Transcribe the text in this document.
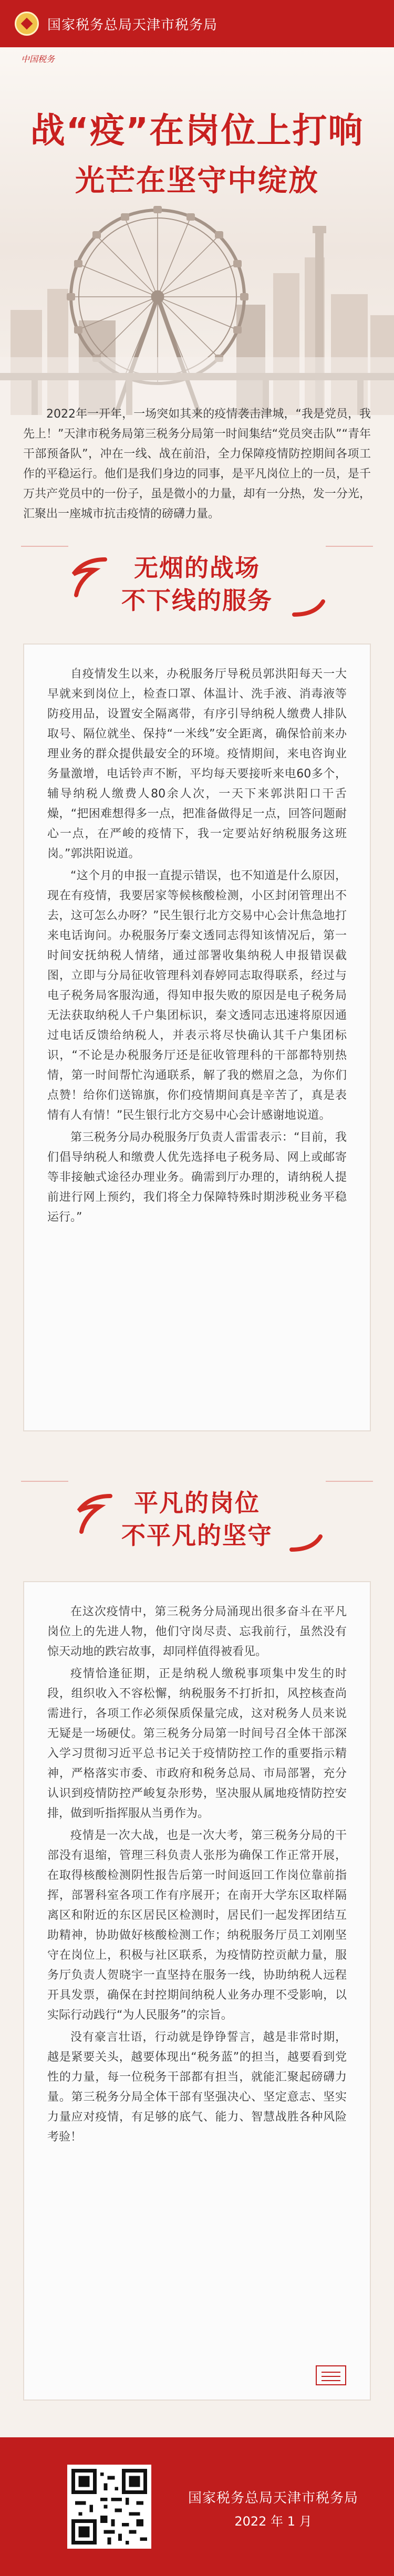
国家税务总局天津市税务局
战“疫”在岗位上打响
光芒在坚守中绽放
中国税务

2022年一开年，一场突如其来的疫情袭击津城，“我是党员，我先上！”天津市税务局第三税务分局第一时间集结“党员突击队”“青年干部预备队”，冲在一线、战在前沿，全力保障疫情防控期间各项工作的平稳运行。他们是我们身边的同事，是平凡岗位上的一员，是千万共产党员中的一份子，虽是微小的力量，却有一分热，发一分光，汇聚出一座城市抗击疫情的磅礴力量。

无烟的战场
不下线的服务

自疫情发生以来，办税服务厅导税员郭洪阳每天一大早就来到岗位上，检查口罩、体温计、洗手液、消毒液等防疫用品，设置安全隔离带，有序引导纳税人缴费人排队取号、隔位就坐、保持“一米线”安全距离，确保恰前来办理业务的群众提供最安全的环境。疫情期间，来电咨询业务量激增，电话铃声不断，平均每天要接听来电60多个，辅导纳税人缴费人80余人次，一天下来郭洪阳口干舌燥，“把困难想得多一点，把准备做得足一点，回答问题耐心一点，在严峻的疫情下，我一定要站好纳税服务这班岗。”郭洪阳说道。

“这个月的申报一直提示错误，也不知道是什么原因，现在有疫情，我要居家等候核酸检测，小区封闭管理出不去，这可怎么办呀？”民生银行北方交易中心会计焦急地打来电话询问。办税服务厅秦文透同志得知该情况后，第一时间安抚纳税人情绪，通过部署收集纳税人申报错误截图，立即与分局征收管理科刘春婷同志取得联系，经过与电子税务局客服沟通，得知申报失败的原因是电子税务局无法获取纳税人千户集团标识，秦文透同志迅速将原因通过电话反馈给纳税人，并表示将尽快确认其千户集团标识，“不论是办税服务厅还是征收管理科的干部都特别热情，第一时间帮忙沟通联系，解了我的燃眉之急，为你们点赞！给你们送锦旗，你们疫情期间真是辛苦了，真是表情有人有情！”民生银行北方交易中心会计感谢地说道。

第三税务分局办税服务厅负责人雷雷表示：“目前，我们倡导纳税人和缴费人优先选择电子税务局、网上或邮寄等非接触式途径办理业务。确需到厅办理的，请纳税人提前进行网上预约，我们将全力保障特殊时期涉税业务平稳运行。”

平凡的岗位
不平凡的坚守

在这次疫情中，第三税务分局涌现出很多奋斗在平凡岗位上的先进人物，他们守岗尽责、忘我前行，虽然没有惊天动地的跌宕故事，却同样值得被看见。

疫情恰逢征期，正是纳税人缴税事项集中发生的时段，组织收入不容松懈，纳税服务不打折扣，风控核查尚需进行，各项工作必须保质保量完成，这对税务人员来说无疑是一场硬仗。第三税务分局第一时间号召全体干部深入学习贯彻习近平总书记关于疫情防控工作的重要指示精神，严格落实市委、市政府和税务总局、市局部署，充分认识到疫情防控严峻复杂形势，坚决服从属地疫情防控安排，做到听指挥服从当勇作为。

疫情是一次大战，也是一次大考，第三税务分局的干部没有退缩，管理三科负责人张彤为确保工作正常开展，在取得核酸检测阴性报告后第一时间返回工作岗位靠前指挥，部署科室各项工作有序展开；在南开大学东区取样隔离区和附近的东区居民区检测时，居民们一起发挥团结互助精神，协助做好核酸检测工作；纳税服务厅员工刘刚坚守在岗位上，积极与社区联系，为疫情防控贡献力量，服务厅负责人贺晓宇一直坚持在服务一线，协助纳税人远程开具发票，确保在封控期间纳税人业务办理不受影响，以实际行动践行“为人民服务”的宗旨。

没有豪言壮语，行动就是铮铮誓言，越是非常时期，越是紧要关头，越要体现出“税务蓝”的担当，越要看到党性的力量，每一位税务干部都有担当，就能汇聚起磅礴力量。第三税务分局全体干部有坚强决心、坚定意志、坚实力量应对疫情，有足够的底气、能力、智慧战胜各种风险考验！

国家税务总局天津市税务局
2022 年 1 月
